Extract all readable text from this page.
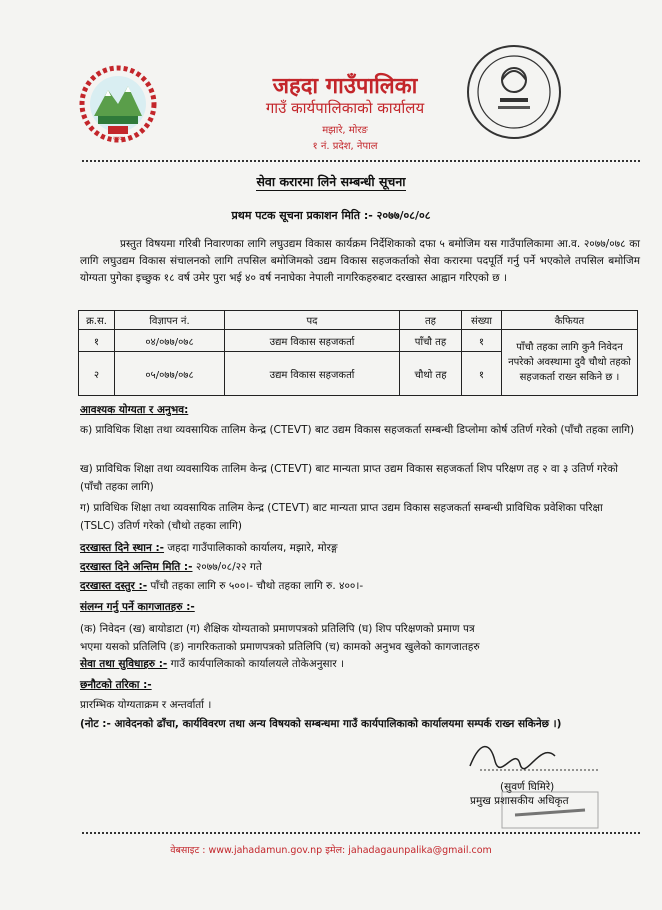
जहदा
जहदा गाउँपालिका
गाउँ कार्यपालिकाको कार्यालय
मझारे, मोरङ
१ नं. प्रदेश, नेपाल
सेवा करारमा लिने सम्बन्धी सूचना
प्रथम पटक सूचना प्रकाशन मिति :- २०७७/०८/०८
प्रस्तुत विषयमा गरिबी निवारणका लागि लघुउद्यम विकास कार्यक्रम निर्देशिकाको दफा ५ बमोजिम यस गाउँपालिकामा आ.व. २०७७/०७८ का लागि लघुउद्यम विकास संचालनको लागि तपसिल बमोजिमको उद्यम विकास सहजकर्ताको सेवा करारमा पदपूर्ति गर्नु पर्ने भएकोले तपसिल बमोजिम योग्यता पुगेका इच्छुक १८ वर्ष उमेर पुरा भई ४० वर्ष ननाघेका नेपाली नागरिकहरुबाट दरखास्त आह्वान गरिएको छ ।
क्र.स.	विज्ञापन नं.	पद	तह	संख्या	कैफियत
१	०४/०७७/०७८	उद्यम विकास सहजकर्ता	पाँचौ तह	१	पाँचौ तहका लागि कुनै निवेदन नपरेको अवस्थामा दुवै चौथो तहको सहजकर्ता राख्न सकिने छ ।
२	०५/०७७/०७८	उद्यम विकास सहजकर्ता	चौथो तह	१	
आवश्यक योग्यता र अनुभव:
क) प्राविधिक शिक्षा तथा व्यवसायिक तालिम केन्द्र (CTEVT) बाट उद्यम विकास सहजकर्ता सम्बन्धी डिप्लोमा कोर्ष उतिर्ण गरेको (पाँचौ तहका लागि)
ख) प्राविधिक शिक्षा तथा व्यवसायिक तालिम केन्द्र (CTEVT) बाट मान्यता प्राप्त उद्यम विकास सहजकर्ता शिप परिक्षण तह २ वा ३ उतिर्ण गरेको (पाँचौ तहका लागि)
ग) प्राविधिक शिक्षा तथा व्यवसायिक तालिम केन्द्र (CTEVT) बाट मान्यता प्राप्त उद्यम विकास सहजकर्ता सम्बन्धी प्राविधिक प्रवेशिका परिक्षा (TSLC) उतिर्ण गरेको (चौथो तहका लागि)
दरखास्त दिने स्थान :- जहदा गाउँपालिकाको कार्यालय, मझारे, मोरङ्ग
दरखास्त दिने अन्तिम मिति :- २०७७/०८/२२ गते
दरखास्त दस्तुर :- पाँचौ तहका लागि रु ५००।- चौथो तहका लागि रु. ४००।-
संलग्न गर्नु पर्ने कागजातहरु :-
(क) निवेदन (ख) बायोडाटा (ग) शैक्षिक योग्यताको प्रमाणपत्रको प्रतिलिपि (घ) शिप परिक्षणको प्रमाण पत्र
भएमा यसको प्रतिलिपि (ङ) नागरिकताको प्रमाणपत्रको प्रतिलिपि (च) कामको अनुभव खुलेको कागजातहरु
सेवा तथा सुविधाहरु :- गाउँ कार्यपालिकाको कार्यालयले तोकेअनुसार ।
छनौटको तरिका :-
प्रारम्भिक योग्यताक्रम र अन्तर्वार्ता ।
(नोट :- आवेदनको ढाँचा, कार्यविवरण तथा अन्य विषयको सम्बन्धमा गाउँ कार्यपालिकाको कार्यालयमा सम्पर्क राख्न सकिनेछ ।)
(सुवर्ण घिमिरे)
प्रमुख प्रशासकीय अधिकृत
वेबसाइट : www.jahadamun.gov.np इमेल: jahadagaunpalika@gmail.com
